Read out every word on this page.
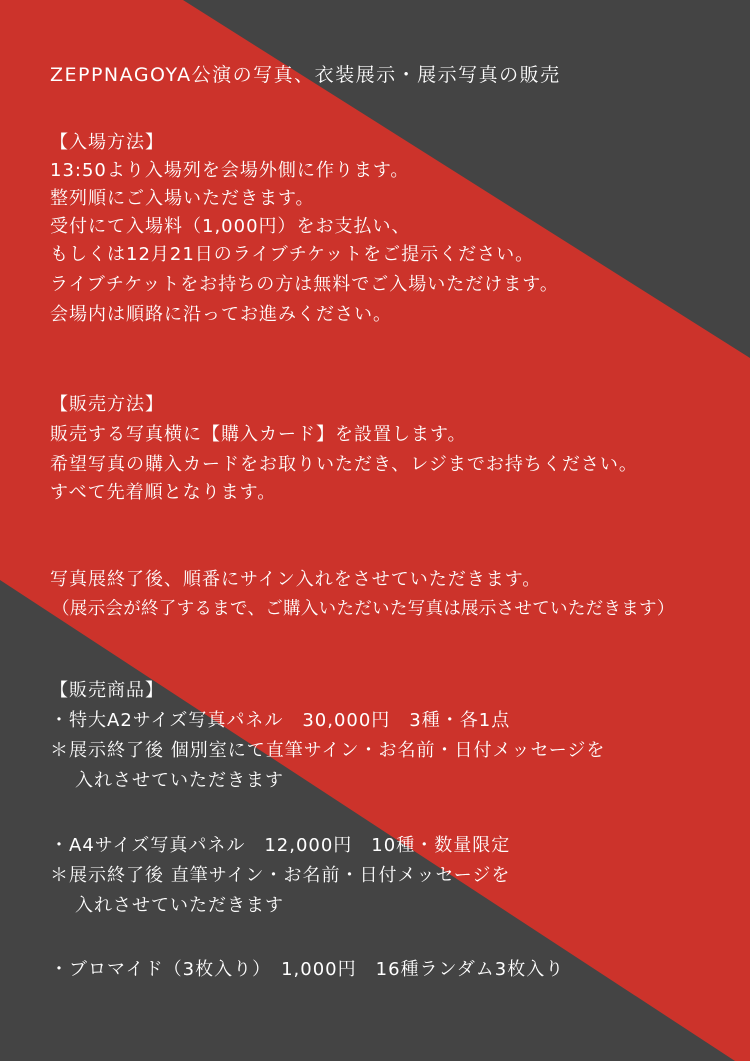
ZEPPNAGOYA公演の写真、衣装展示・展示写真の販売

【入場方法】

13:50より入場列を会場外側に作ります。

整列順にご入場いただきます。

受付にて入場料（1,000円）をお支払い、

もしくは12月21日のライブチケットをご提示ください。

ライブチケットをお持ちの方は無料でご入場いただけます。

会場内は順路に沿ってお進みください。

【販売方法】

販売する写真横に【購入カード】を設置します。

希望写真の購入カードをお取りいただき、レジまでお持ちください。

すべて先着順となります。

写真展終了後、順番にサイン入れをさせていただきます。

（展示会が終了するまで、ご購入いただいた写真は展示させていただきます）

【販売商品】

・特大A2サイズ写真パネル　30,000円　3種・各1点

＊展示終了後 個別室にて直筆サイン・お名前・日付メッセージを

入れさせていただきます

・A4サイズ写真パネル　12,000円　10種・数量限定

＊展示終了後 直筆サイン・お名前・日付メッセージを

入れさせていただきます

・ブロマイド（3枚入り）　1,000円　16種ランダム3枚入り
